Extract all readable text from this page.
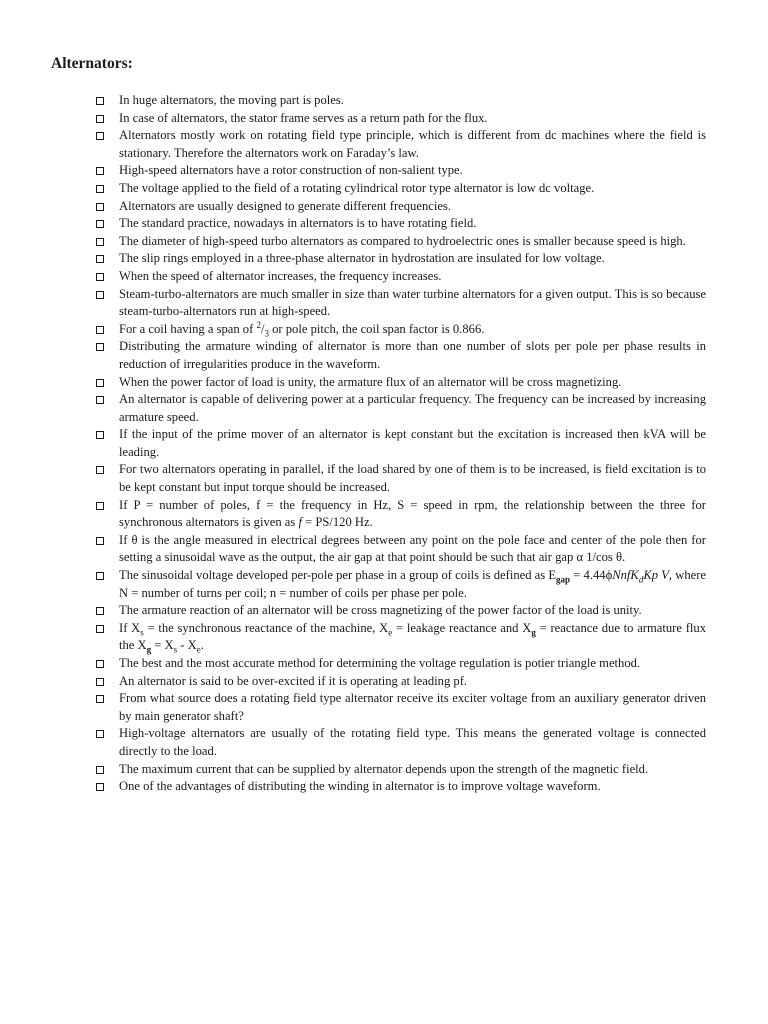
Alternators:
In huge alternators, the moving part is poles.
In case of alternators, the stator frame serves as a return path for the flux.
Alternators mostly work on rotating field type principle, which is different from dc machines where the field is stationary. Therefore the alternators work on Faraday’s law.
High-speed alternators have a rotor construction of non-salient type.
The voltage applied to the field of a rotating cylindrical rotor type alternator is low dc voltage.
Alternators are usually designed to generate different frequencies.
The standard practice, nowadays in alternators is to have rotating field.
The diameter of high-speed turbo alternators as compared to hydroelectric ones is smaller because speed is high.
The slip rings employed in a three-phase alternator in hydrostation are insulated for low voltage.
When the speed of alternator increases, the frequency increases.
Steam-turbo-alternators are much smaller in size than water turbine alternators for a given output. This is so because steam-turbo-alternators run at high-speed.
For a coil having a span of $^2/_3$ or pole pitch, the coil span factor is 0.866.
Distributing the armature winding of alternator is more than one number of slots per pole per phase results in reduction of irregularities produce in the waveform.
When the power factor of load is unity, the armature flux of an alternator will be cross magnetizing.
An alternator is capable of delivering power at a particular frequency. The frequency can be increased by increasing armature speed.
If the input of the prime mover of an alternator is kept constant but the excitation is increased then kVA will be leading.
For two alternators operating in parallel, if the load shared by one of them is to be increased, is field excitation is to be kept constant but input torque should be increased.
If P = number of poles, f = the frequency in Hz, S = speed in rpm, the relationship between the three for synchronous alternators is given as f = PS/120 Hz.
If θ is the angle measured in electrical degrees between any point on the pole face and center of the pole then for setting a sinusoidal wave as the output, the air gap at that point should be such that air gap α 1/cos θ.
The sinusoidal voltage developed per-pole per phase in a group of coils is defined as $E_{gap}$ = 4.44ϕNnfK$_d$Kp V, where N = number of turns per coil; n = number of coils per phase per pole.
The armature reaction of an alternator will be cross magnetizing of the power factor of the load is unity.
If $X_s$ = the synchronous reactance of the machine, $X_e$ = leakage reactance and $X_g$ = reactance due to armature flux the $X_g = X_s - X_e$.
The best and the most accurate method for determining the voltage regulation is potier triangle method.
An alternator is said to be over-excited if it is operating at leading pf.
From what source does a rotating field type alternator receive its exciter voltage from an auxiliary generator driven by main generator shaft?
High-voltage alternators are usually of the rotating field type. This means the generated voltage is connected directly to the load.
The maximum current that can be supplied by alternator depends upon the strength of the magnetic field.
One of the advantages of distributing the winding in alternator is to improve voltage waveform.
